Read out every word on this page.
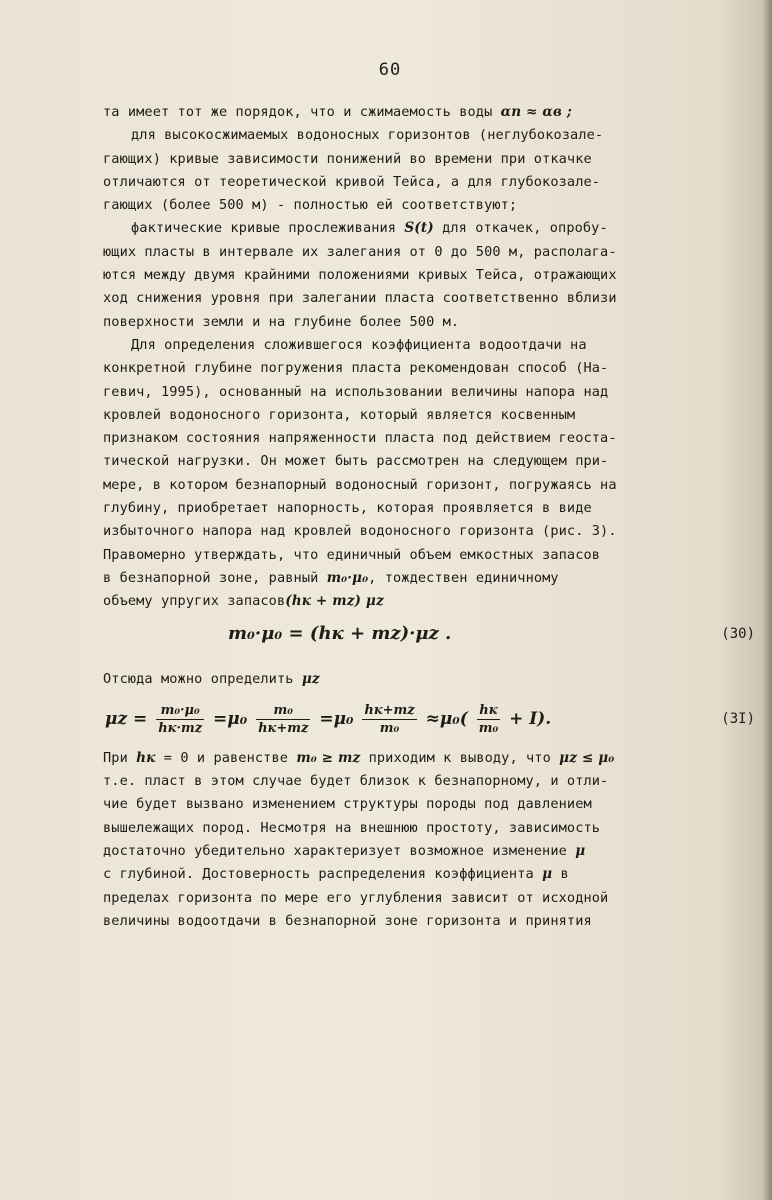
60
та имеет тот же порядок, что и сжимаемость воды αп ≈ αв ;
для высокосжимаемых водоносных горизонтов (неглубокозале-
гающих) кривые зависимости понижений во времени при откачке
отличаются от теоретической кривой Тейса, а для глубокозале-
гающих (более 500 м) - полностью ей соответствуют;
фактические кривые прослеживания S(t) для откачек, опробу-
ющих пласты в интервале их залегания от 0 до 500 м, располага-
ются между двумя крайними положениями кривых Тейса, отражающих
ход снижения уровня при залегании пласта соответственно вблизи
поверхности земли и на глубине более 500 м.
Для определения сложившегося коэффициента водоотдачи на
конкретной глубине погружения пласта рекомендован способ (На-
гевич, 1995), основанный на использовании величины напора над
кровлей водоносного горизонта, который является косвенным
признаком состояния напряженности пласта под действием геоста-
тической нагрузки. Он может быть рассмотрен на следующем при-
мере, в котором безнапорный водоносный горизонт, погружаясь на
глубину, приобретает напорность, которая проявляется в виде
избыточного напора над кровлей водоносного горизонта (рис. 3).
Правомерно утверждать, что единичный объем емкостных запасов
в безнапорной зоне, равный m₀·μ₀, тождествен единичному
объему упругих запасов(hк + mz) μz
m₀·μ₀ = (hк + mz)·μz .	(30)
Отсюда можно определить μz
$\mu z = \frac{\text{m₀·μ₀}}{hк\cdot mz} =\mu_0 \frac{\text{m₀}}{hк+mz} =\mu_0 \frac{hк+mz}{\text{m₀}} \approx\mu_0( \frac{hк}{\text{m₀}} + I)$.	(3I)
При hк = 0 и равенстве m₀ ≥ mz приходим к выводу, что μz ≤ μ₀
т.е. пласт в этом случае будет близок к безнапорному, и отли-
чие будет вызвано изменением структуры породы под давлением
вышележащих пород. Несмотря на внешнюю простоту, зависимость
достаточно убедительно характеризует возможное изменение μ
с глубиной. Достоверность распределения коэффициента μ в
пределах горизонта по мере его углубления зависит от исходной
величины водоотдачи в безнапорной зоне горизонта и принятия
